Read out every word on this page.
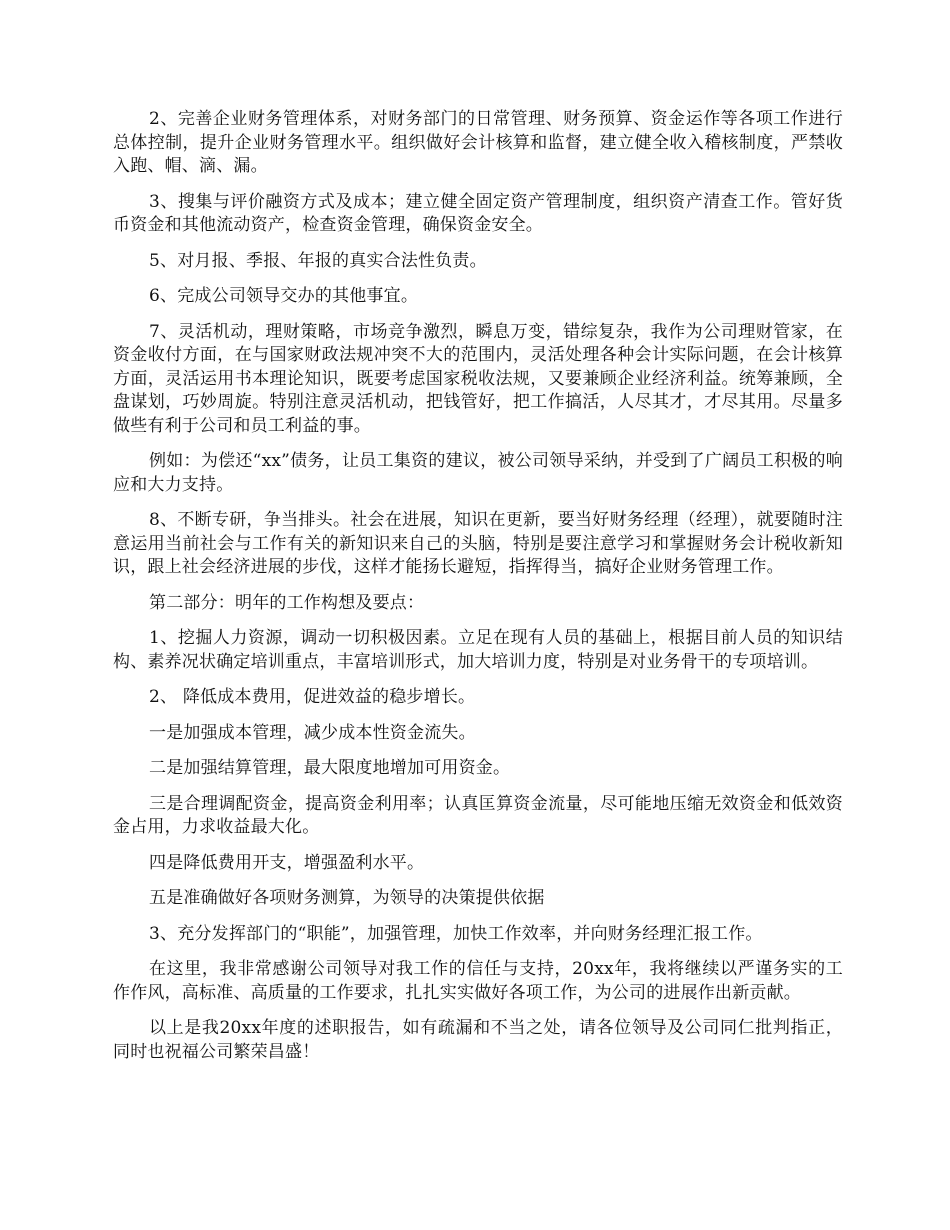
2、完善企业财务管理体系，对财务部门的日常管理、财务预算、资金运作等各项工作进行总体控制，提升企业财务管理水平。组织做好会计核算和监督，建立健全收入稽核制度，严禁收入跑、帽、滴、漏。

3、搜集与评价融资方式及成本；建立健全固定资产管理制度，组织资产清查工作。管好货币资金和其他流动资产，检查资金管理，确保资金安全。

5、对月报、季报、年报的真实合法性负责。

6、完成公司领导交办的其他事宜。

7、灵活机动，理财策略，市场竞争激烈，瞬息万变，错综复杂，我作为公司理财管家，在资金收付方面，在与国家财政法规冲突不大的范围内，灵活处理各种会计实际问题，在会计核算方面，灵活运用书本理论知识，既要考虑国家税收法规，又要兼顾企业经济利益。统筹兼顾，全盘谋划，巧妙周旋。特别注意灵活机动，把钱管好，把工作搞活，人尽其才，才尽其用。尽量多做些有利于公司和员工利益的事。

例如：为偿还“xx”债务，让员工集资的建议，被公司领导采纳，并受到了广阔员工积极的响应和大力支持。

8、不断专研，争当排头。社会在进展，知识在更新，要当好财务经理（经理），就要随时注意运用当前社会与工作有关的新知识来自己的头脑，特别是要注意学习和掌握财务会计税收新知识，跟上社会经济进展的步伐，这样才能扬长避短，指挥得当，搞好企业财务管理工作。

第二部分：明年的工作构想及要点：

1、挖掘人力资源，调动一切积极因素。立足在现有人员的基础上，根据目前人员的知识结构、素养况状确定培训重点，丰富培训形式，加大培训力度，特别是对业务骨干的专项培训。

2、 降低成本费用，促进效益的稳步增长。

一是加强成本管理，减少成本性资金流失。

二是加强结算管理，最大限度地增加可用资金。

三是合理调配资金，提高资金利用率；认真匡算资金流量，尽可能地压缩无效资金和低效资金占用，力求收益最大化。

四是降低费用开支，增强盈利水平。

五是准确做好各项财务测算，为领导的决策提供依据

3、充分发挥部门的“职能”，加强管理，加快工作效率，并向财务经理汇报工作。

在这里，我非常感谢公司领导对我工作的信任与支持，20xx年，我将继续以严谨务实的工作作风，高标准、高质量的工作要求，扎扎实实做好各项工作，为公司的进展作出新贡献。

以上是我20xx年度的述职报告，如有疏漏和不当之处，请各位领导及公司同仁批判指正，同时也祝福公司繁荣昌盛！
